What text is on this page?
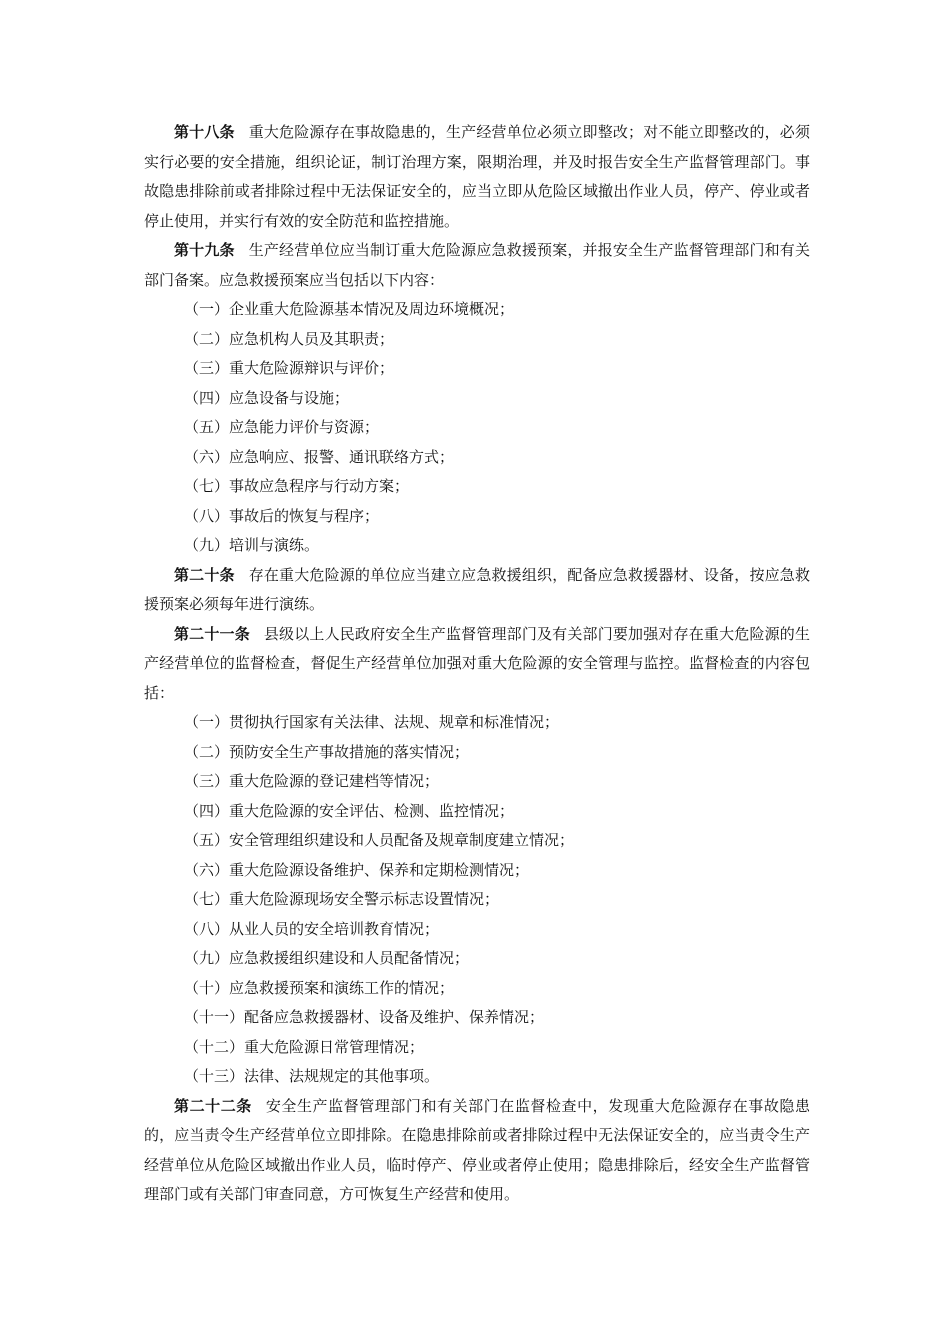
第十八条 重大危险源存在事故隐患的，生产经营单位必须立即整改；对不能立即整改的，必须实行必要的安全措施，组织论证，制订治理方案，限期治理，并及时报告安全生产监督管理部门。事故隐患排除前或者排除过程中无法保证安全的，应当立即从危险区域撤出作业人员，停产、停业或者停止使用，并实行有效的安全防范和监控措施。

第十九条 生产经营单位应当制订重大危险源应急救援预案，并报安全生产监督管理部门和有关部门备案。应急救援预案应当包括以下内容：

（一）企业重大危险源基本情况及周边环境概况；

（二）应急机构人员及其职责；

（三）重大危险源辩识与评价；

（四）应急设备与设施；

（五）应急能力评价与资源；

（六）应急响应、报警、通讯联络方式；

（七）事故应急程序与行动方案；

（八）事故后的恢复与程序；

（九）培训与演练。

第二十条 存在重大危险源的单位应当建立应急救援组织，配备应急救援器材、设备，按应急救援预案必须每年进行演练。

第二十一条 县级以上人民政府安全生产监督管理部门及有关部门要加强对存在重大危险源的生产经营单位的监督检查，督促生产经营单位加强对重大危险源的安全管理与监控。监督检查的内容包括：

（一）贯彻执行国家有关法律、法规、规章和标准情况；

（二）预防安全生产事故措施的落实情况；

（三）重大危险源的登记建档等情况；

（四）重大危险源的安全评估、检测、监控情况；

（五）安全管理组织建设和人员配备及规章制度建立情况；

（六）重大危险源设备维护、保养和定期检测情况；

（七）重大危险源现场安全警示标志设置情况；

（八）从业人员的安全培训教育情况；

（九）应急救援组织建设和人员配备情况；

（十）应急救援预案和演练工作的情况；

（十一）配备应急救援器材、设备及维护、保养情况；

（十二）重大危险源日常管理情况；

（十三）法律、法规规定的其他事项。

第二十二条 安全生产监督管理部门和有关部门在监督检查中，发现重大危险源存在事故隐患的，应当责令生产经营单位立即排除。在隐患排除前或者排除过程中无法保证安全的，应当责令生产经营单位从危险区域撤出作业人员，临时停产、停业或者停止使用；隐患排除后，经安全生产监督管理部门或有关部门审查同意，方可恢复生产经营和使用。
